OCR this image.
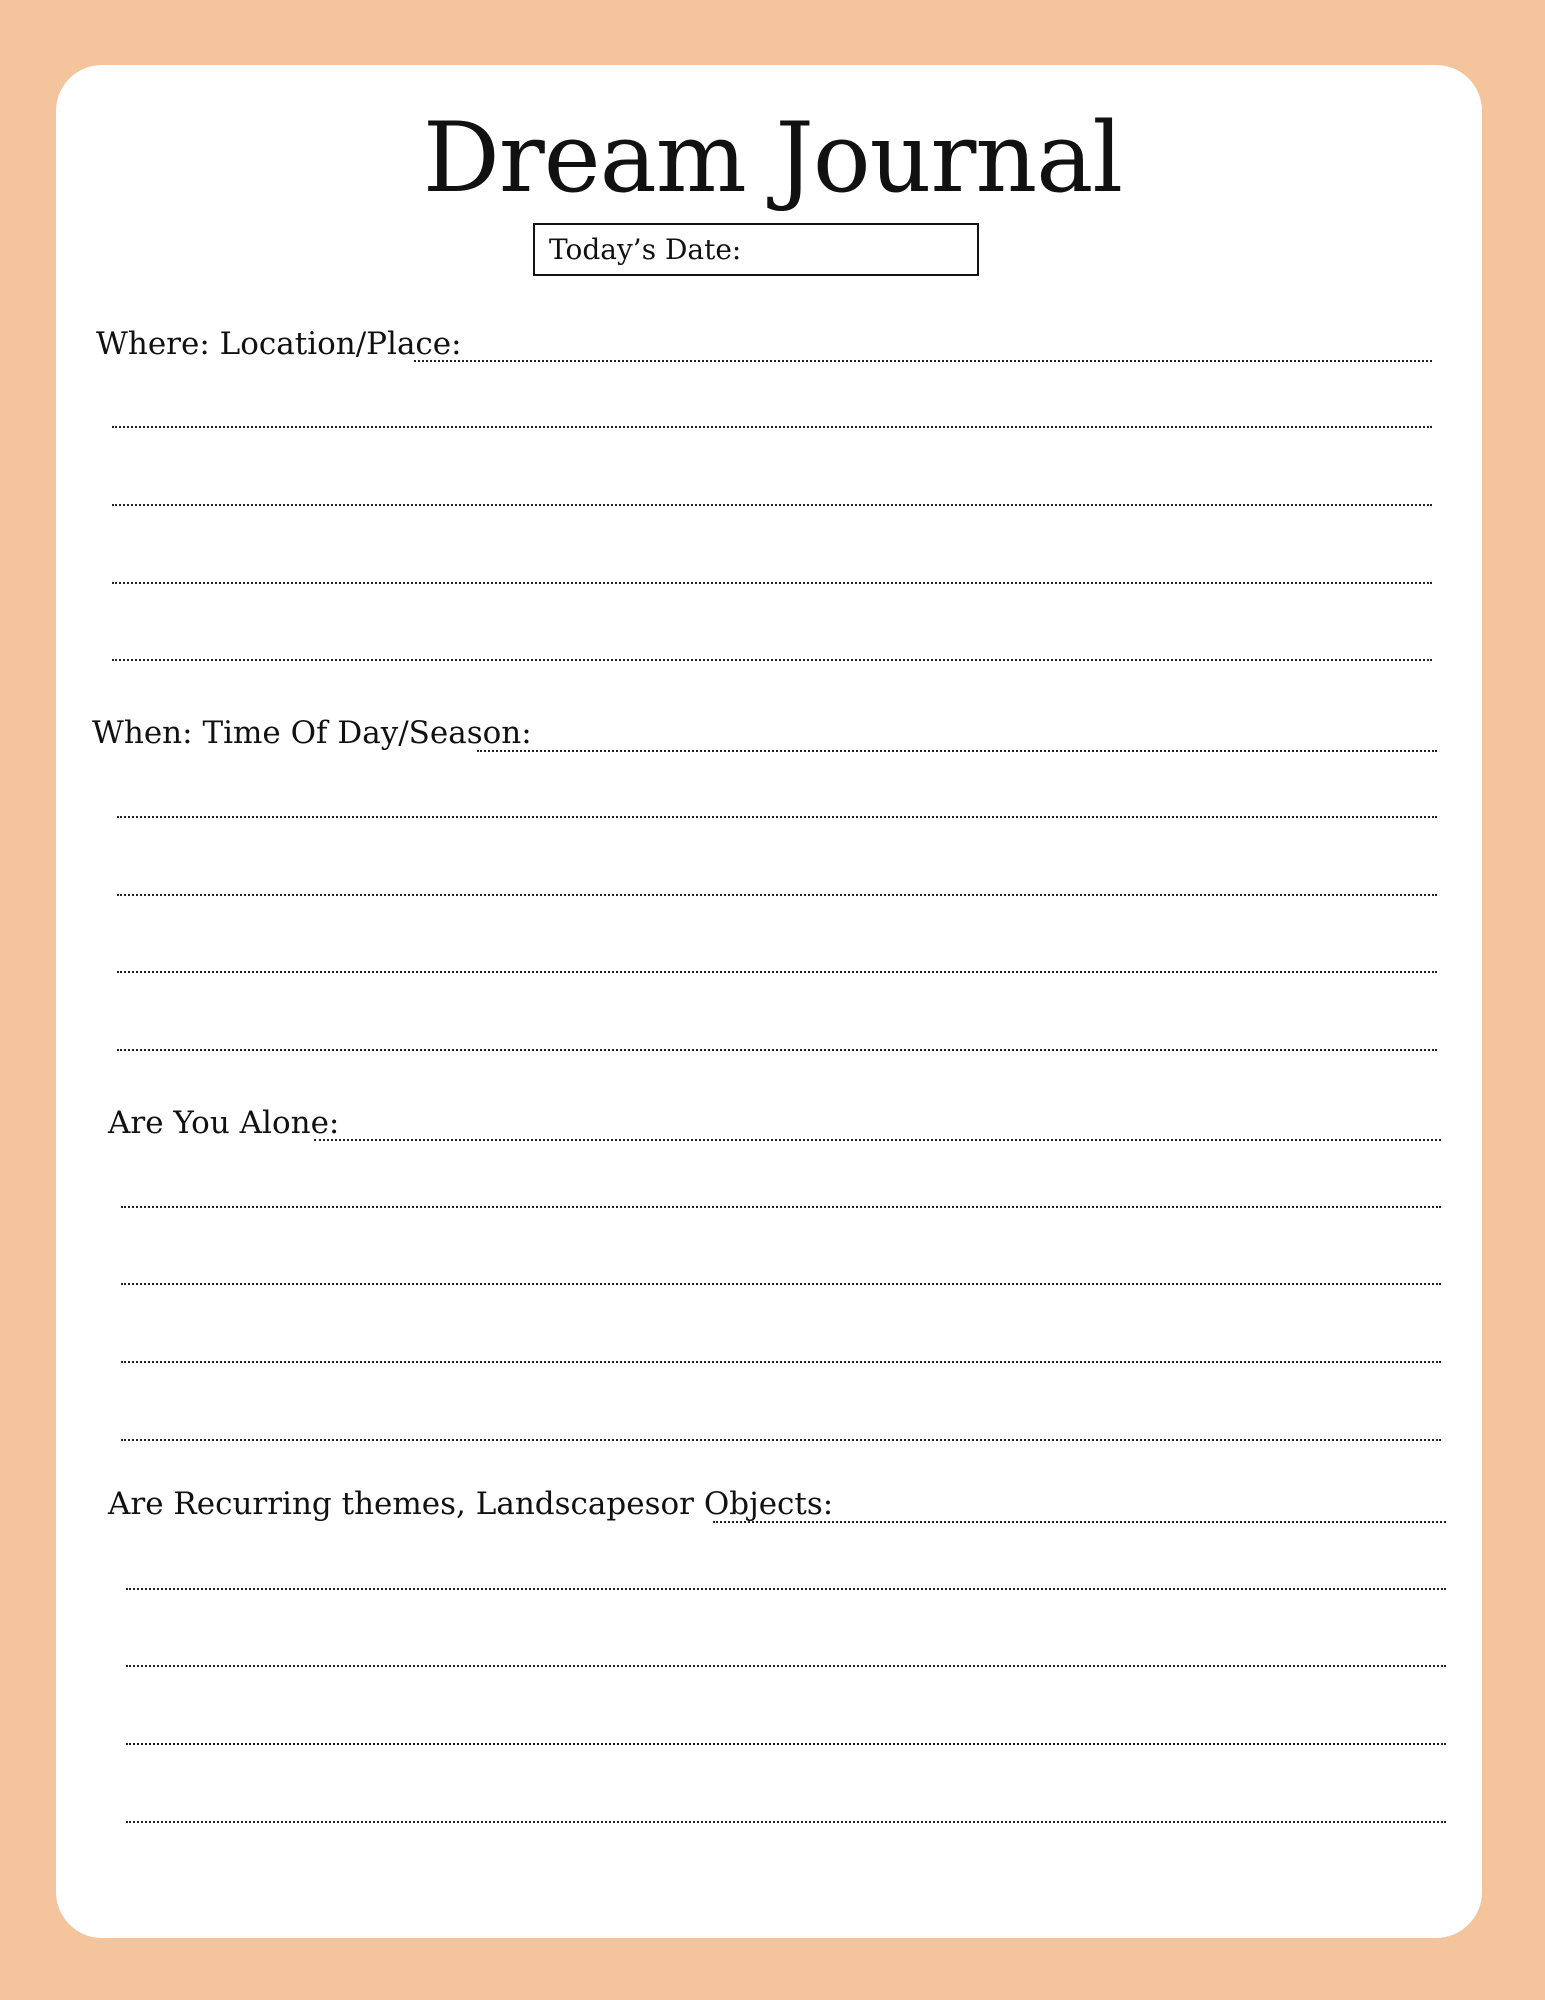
Dream Journal
Today’s Date:
Where: Location/Place:
When: Time Of Day/Season:
Are You Alone:
Are Recurring themes, Landscapesor Objects:
